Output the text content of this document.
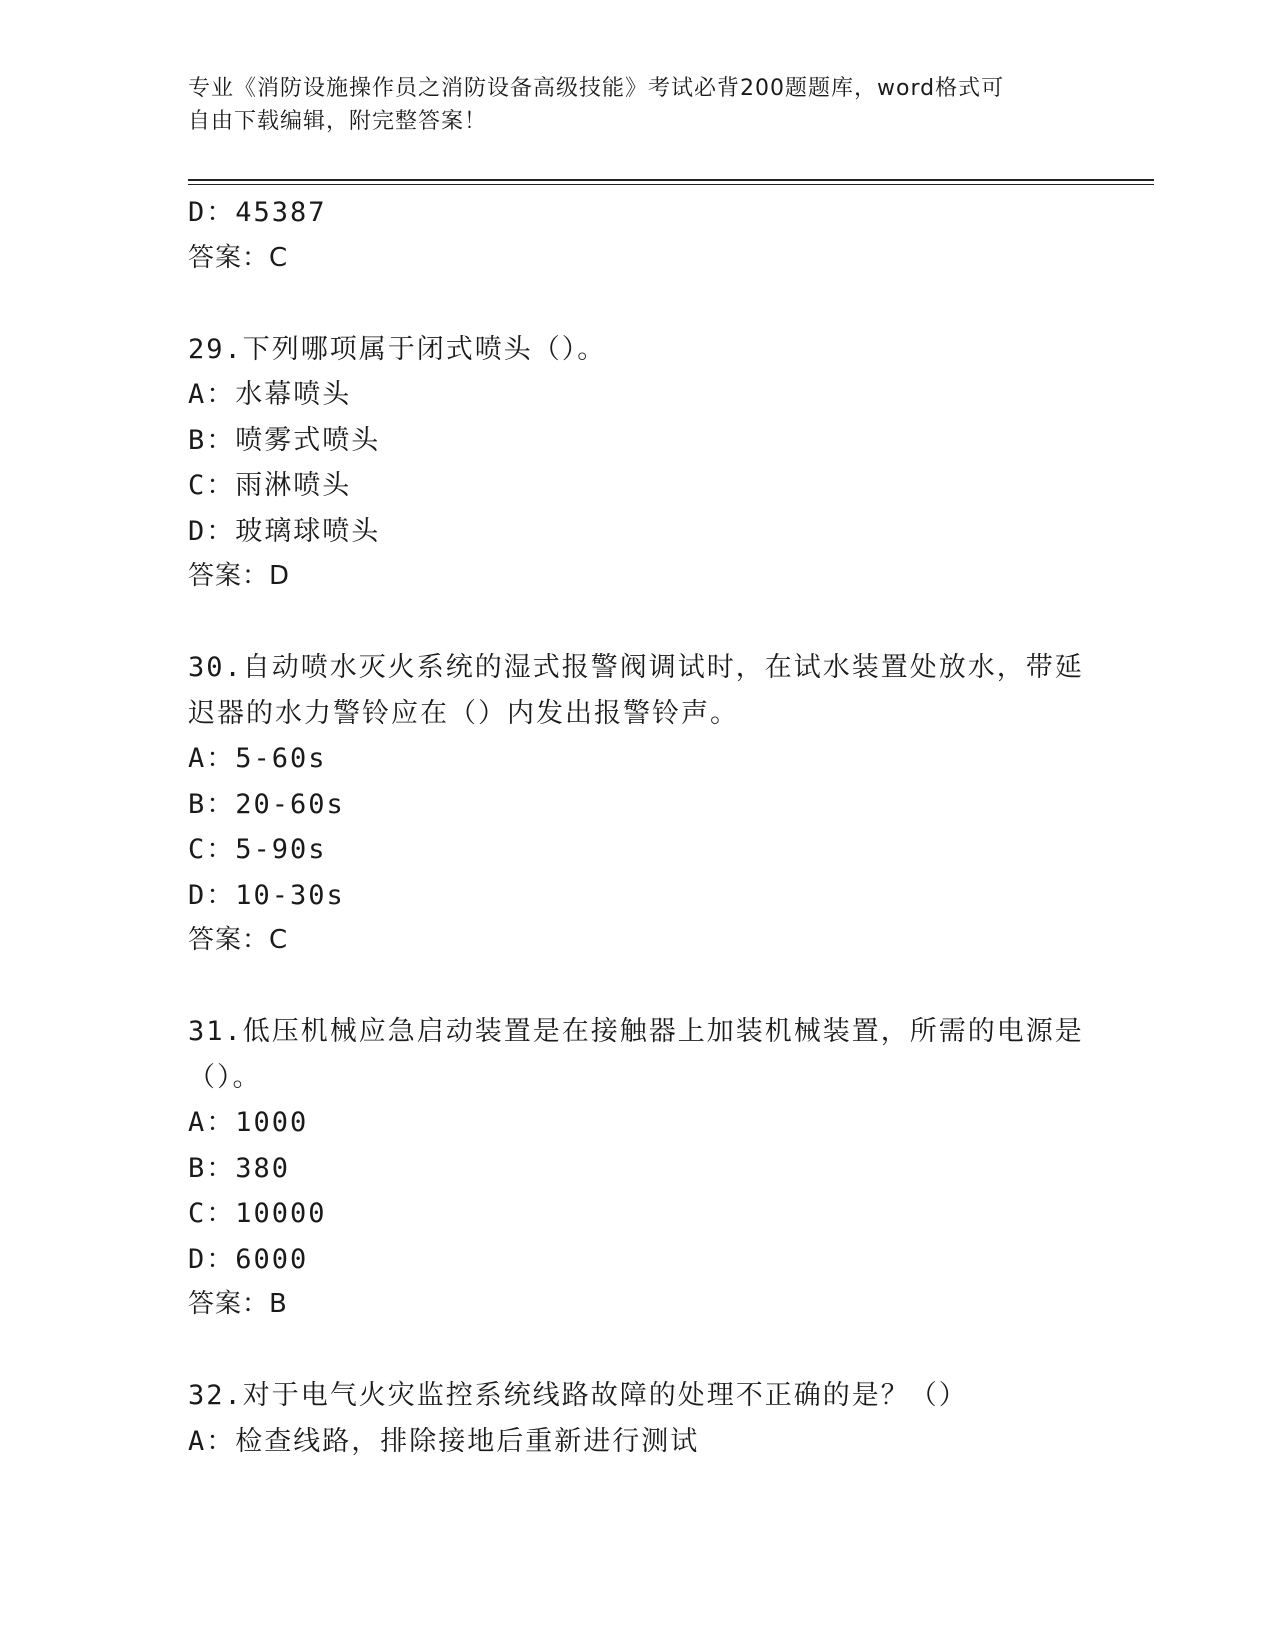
专业《消防设施操作员之消防设备高级技能》考试必背200题题库，word格式可
自由下载编辑，附完整答案！
D：45387
答案：C
29.下列哪项属于闭式喷头（）。
A：水幕喷头
B：喷雾式喷头
C：雨淋喷头
D：玻璃球喷头
答案：D
30.自动喷水灭火系统的湿式报警阀调试时，在试水装置处放水，带延
迟器的水力警铃应在（）内发出报警铃声。
A：5-60s
B：20-60s
C：5-90s
D：10-30s
答案：C
31.低压机械应急启动装置是在接触器上加装机械装置，所需的电源是
（）。
A：1000
B：380
C：10000
D：6000
答案：B
32.对于电气火灾监控系统线路故障的处理不正确的是？（）
A：检查线路，排除接地后重新进行测试
